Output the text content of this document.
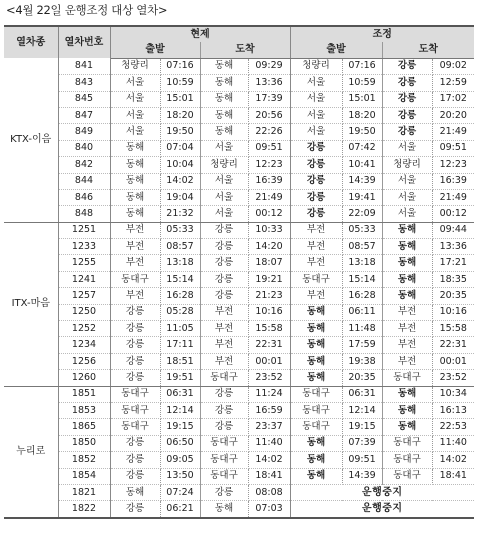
<4월 22일 운행조정 대상 열차>
열차종	열차번호	현제				조정			
		출발		도착		출발		도착	
KTX-이음	841	청량리	07:16	동해	09:29	청량리	07:16	강릉	09:02
	843	서울	10:59	동해	13:36	서울	10:59	강릉	12:59
	845	서울	15:01	동해	17:39	서울	15:01	강릉	17:02
	847	서울	18:20	동해	20:56	서울	18:20	강릉	20:20
	849	서울	19:50	동해	22:26	서울	19:50	강릉	21:49
	840	동해	07:04	서울	09:51	강릉	07:42	서울	09:51
	842	동해	10:04	청량리	12:23	강릉	10:41	청량리	12:23
	844	동해	14:02	서울	16:39	강릉	14:39	서울	16:39
	846	동해	19:04	서울	21:49	강릉	19:41	서울	21:49
	848	동해	21:32	서울	00:12	강릉	22:09	서울	00:12
ITX-마음	1251	부전	05:33	강릉	10:33	부전	05:33	동해	09:44
	1233	부전	08:57	강릉	14:20	부전	08:57	동해	13:36
	1255	부전	13:18	강릉	18:07	부전	13:18	동해	17:21
	1241	동대구	15:14	강릉	19:21	동대구	15:14	동해	18:35
	1257	부전	16:28	강릉	21:23	부전	16:28	동해	20:35
	1250	강릉	05:28	부전	10:16	동해	06:11	부전	10:16
	1252	강릉	11:05	부전	15:58	동해	11:48	부전	15:58
	1234	강릉	17:11	부전	22:31	동해	17:59	부전	22:31
	1256	강릉	18:51	부전	00:01	동해	19:38	부전	00:01
	1260	강릉	19:51	동대구	23:52	동해	20:35	동대구	23:52
누리로	1851	동대구	06:31	강릉	11:24	동대구	06:31	동해	10:34
	1853	동대구	12:14	강릉	16:59	동대구	12:14	동해	16:13
	1865	동대구	19:15	강릉	23:37	동대구	19:15	동해	22:53
	1850	강릉	06:50	동대구	11:40	동해	07:39	동대구	11:40
	1852	강릉	09:05	동대구	14:02	동해	09:51	동대구	14:02
	1854	강릉	13:50	동대구	18:41	동해	14:39	동대구	18:41
	1821	동해	07:24	강릉	08:08	운행중지			
	1822	강릉	06:21	동해	07:03	운행중지			
